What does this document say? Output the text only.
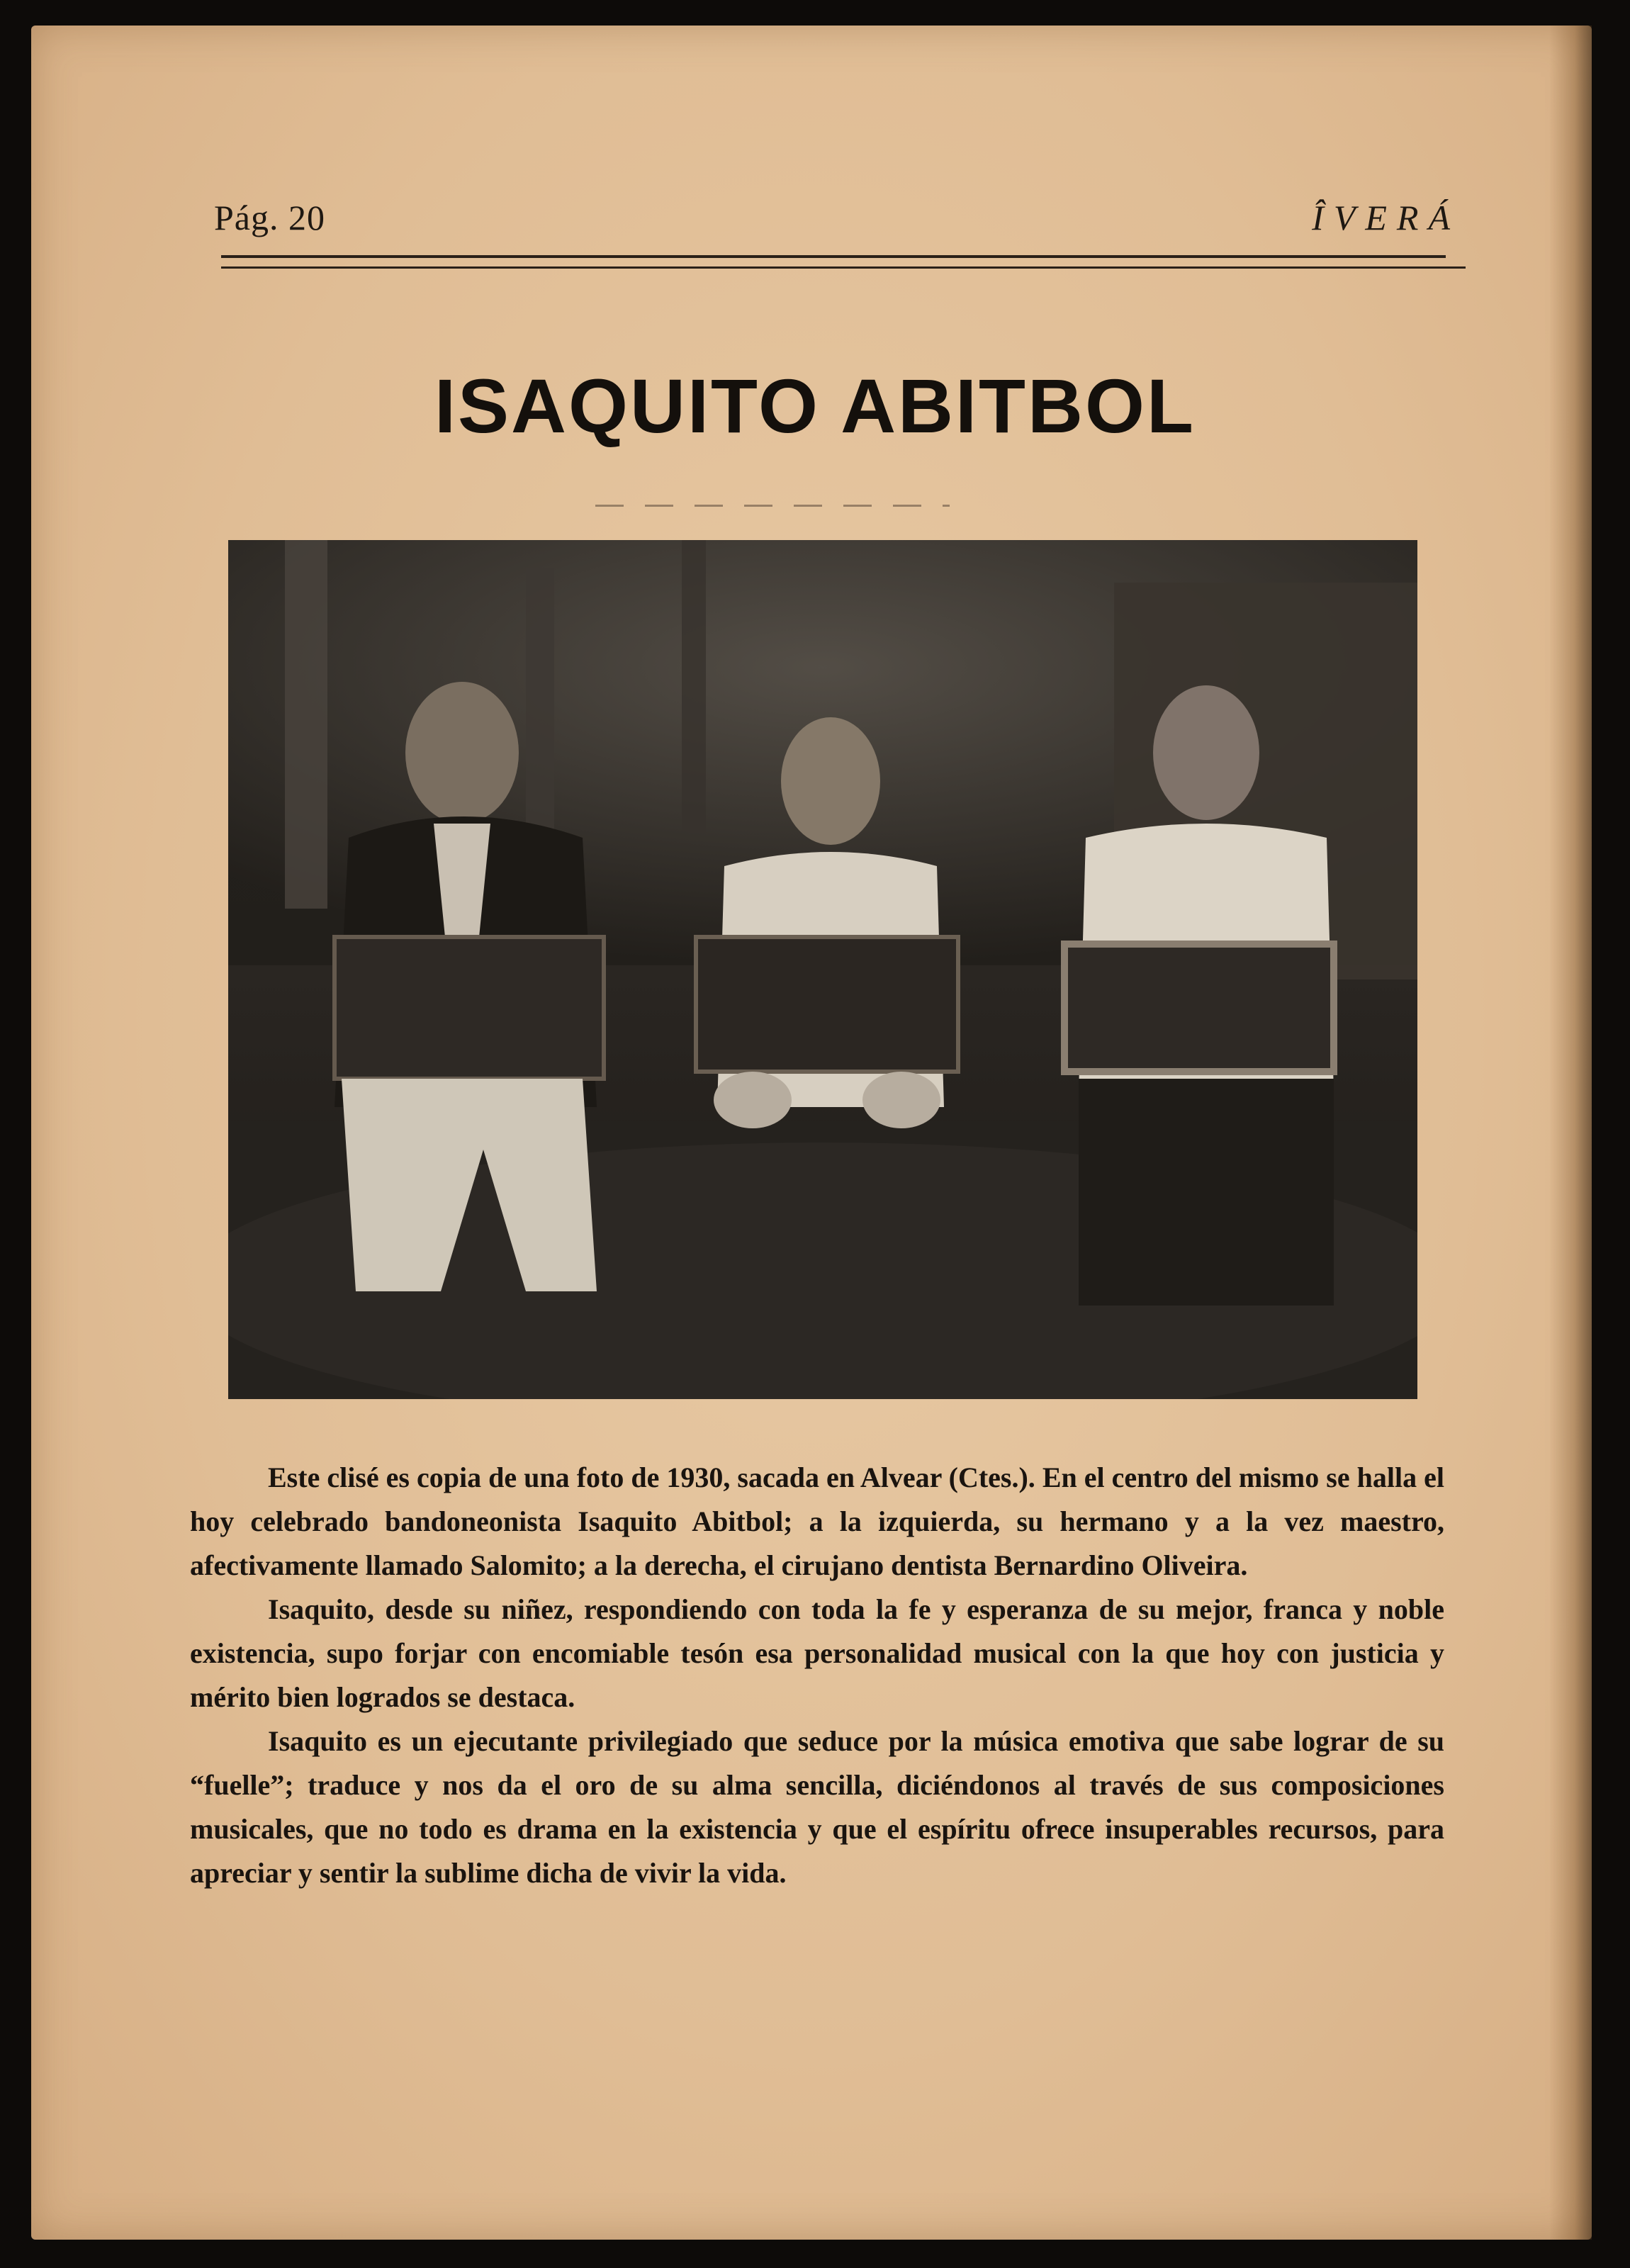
Pág. 20	ÎVERÁ
ISAQUITO ABITBOL

Este clisé es copia de una foto de 1930, sacada en Alvear (Ctes.). En el centro del mismo se halla el hoy celebrado bandoneonista Isaquito Abitbol; a la izquierda, su hermano y a la vez maestro, afectivamente llamado Salomito; a la derecha, el cirujano dentista Bernardino Oliveira.

Isaquito, desde su niñez, respondiendo con toda la fe y esperanza de su mejor, franca y noble existencia, supo forjar con encomiable tesón esa personalidad musical con la que hoy con justicia y mérito bien logrados se destaca.

Isaquito es un ejecutante privilegiado que seduce por la música emotiva que sabe lograr de su “fuelle”; traduce y nos da el oro de su alma sencilla, diciéndonos al través de sus composiciones musicales, que no todo es drama en la existencia y que el espíritu ofrece insuperables recursos, para apreciar y sentir la sublime dicha de vivir la vida.
